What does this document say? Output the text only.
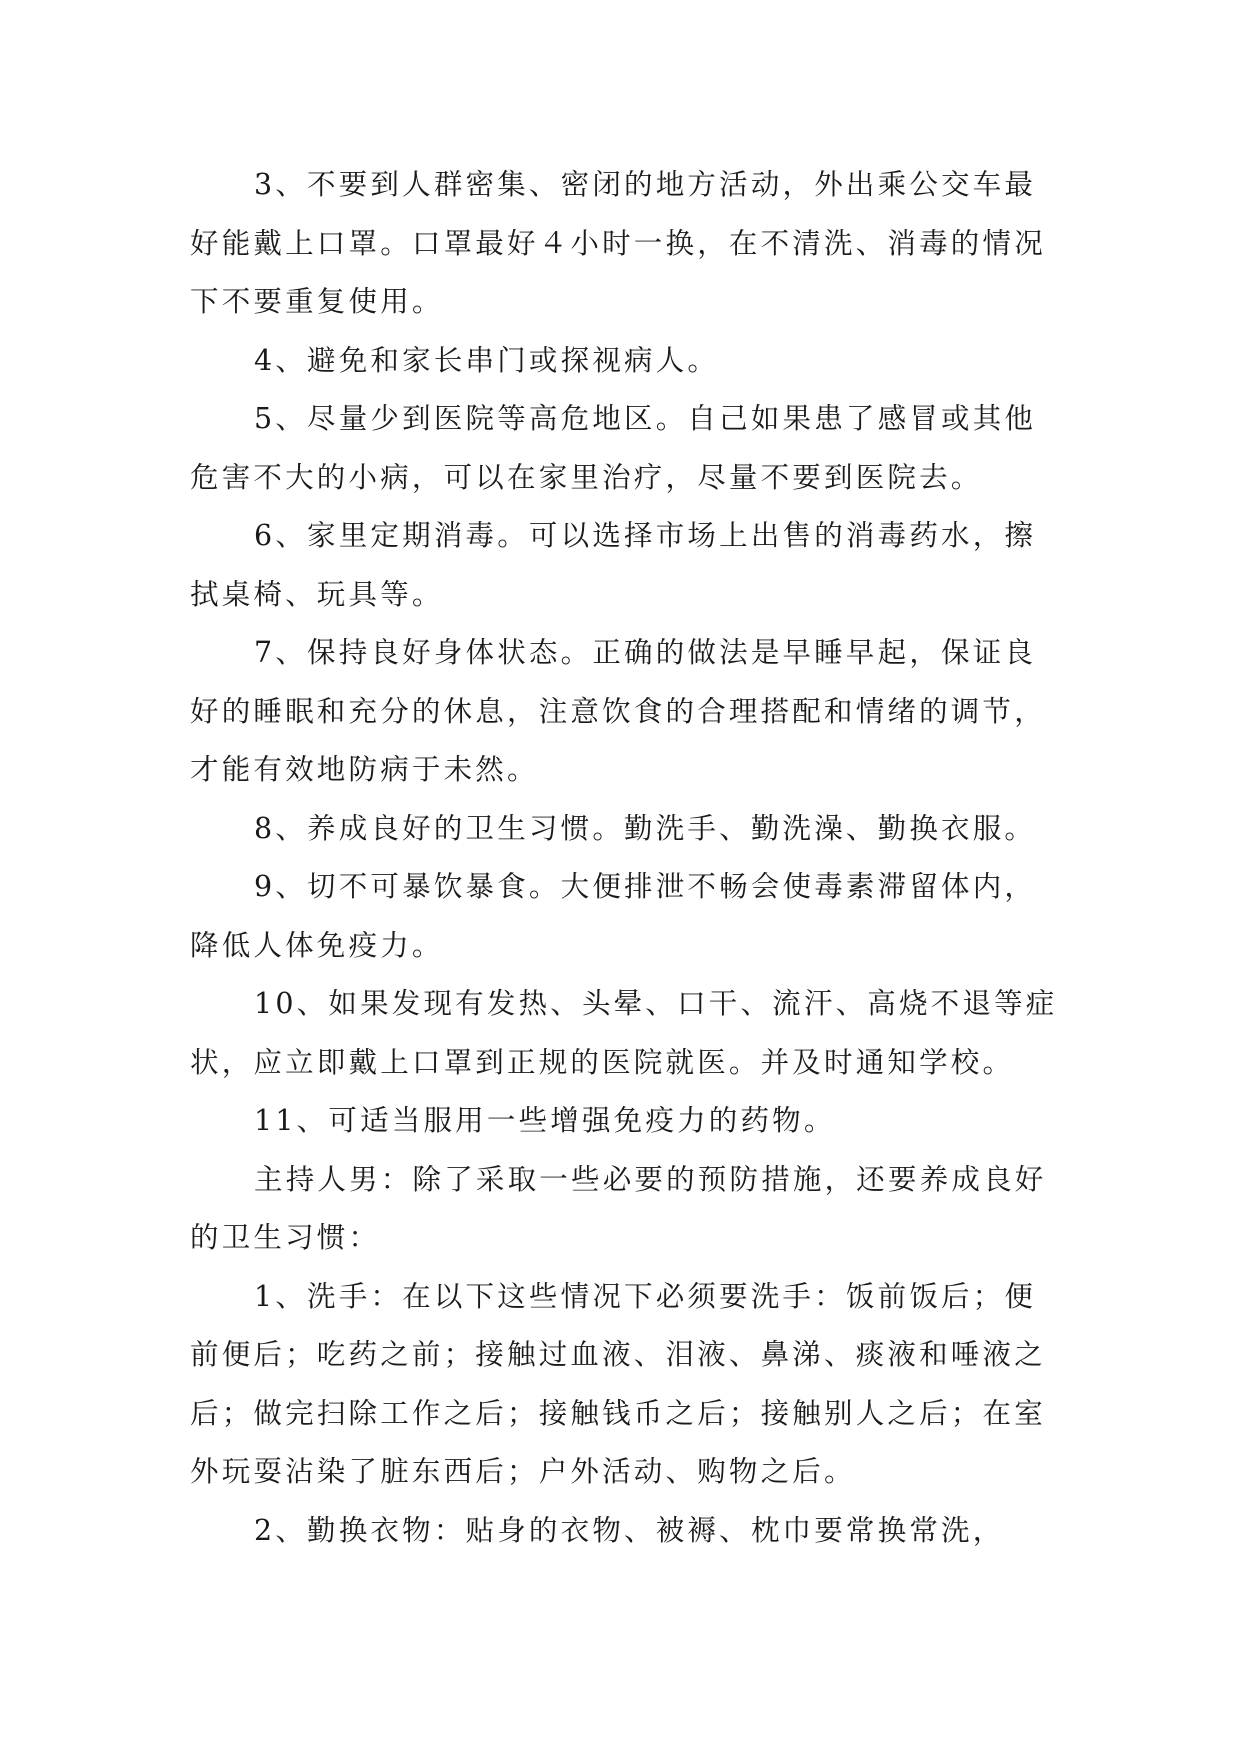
3、不要到人群密集、密闭的地方活动，外出乘公交车最好能戴上口罩。口罩最好４小时一换，在不清洗、消毒的情况下不要重复使用。

4、避免和家长串门或探视病人。

5、尽量少到医院等高危地区。自己如果患了感冒或其他危害不大的小病，可以在家里治疗，尽量不要到医院去。

6、家里定期消毒。可以选择市场上出售的消毒药水，擦拭桌椅、玩具等。

7、保持良好身体状态。正确的做法是早睡早起，保证良好的睡眠和充分的休息，注意饮食的合理搭配和情绪的调节，才能有效地防病于未然。

8、养成良好的卫生习惯。勤洗手、勤洗澡、勤换衣服。

9、切不可暴饮暴食。大便排泄不畅会使毒素滞留体内，降低人体免疫力。

10、如果发现有发热、头晕、口干、流汗、高烧不退等症状，应立即戴上口罩到正规的医院就医。并及时通知学校。

11、可适当服用一些增强免疫力的药物。

主持人男：除了采取一些必要的预防措施，还要养成良好的卫生习惯：

1、洗手：在以下这些情况下必须要洗手：饭前饭后；便前便后；吃药之前；接触过血液、泪液、鼻涕、痰液和唾液之后；做完扫除工作之后；接触钱币之后；接触别人之后；在室外玩耍沾染了脏东西后；户外活动、购物之后。

2、勤换衣物：贴身的衣物、被褥、枕巾要常换常洗，
